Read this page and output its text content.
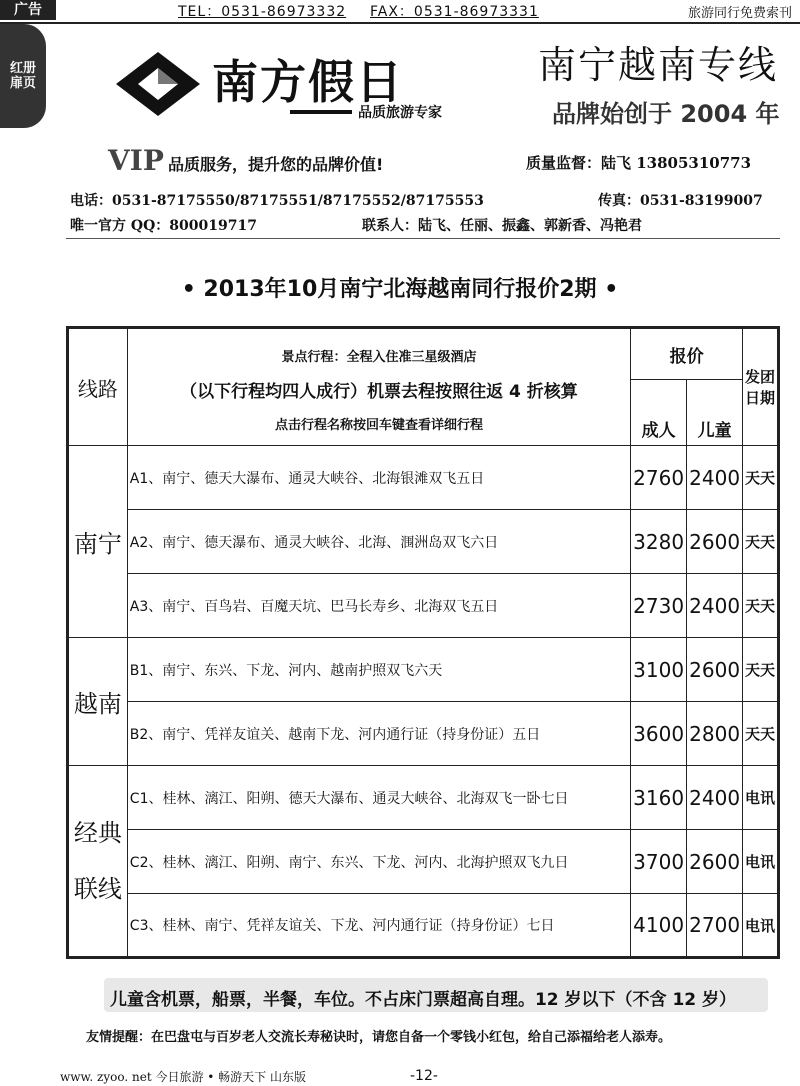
广告	TEL：0531-86973332 FAX：0531-86973331	旅游同行免费索刊
红册
扉页	南方假日
品质旅游专家
南宁越南专线
品牌始创于 2004 年
VIP 品质服务，提升您的品牌价值!	质量监督：陆飞 13805310773
电话：0531-87175550/87175551/87175552/87175553	传真：0531-83199007
唯一官方 QQ：800019717	联系人：陆飞、任丽、振鑫、郭新香、冯艳君
• 2013年10月南宁北海越南同行报价2期 •
线路	景点行程：全程入住准三星级酒店
（以下行程均四人成行）机票去程按照往返 4 折核算
点击行程名称按回车键查看详细行程	报价		发团日期
		成人	儿童	
南宁	A1、南宁、德天大瀑布、通灵大峡谷、北海银滩双飞五日	2760	2400	天天
	A2、南宁、德天瀑布、通灵大峡谷、北海、涠洲岛双飞六日	3280	2600	天天
	A3、南宁、百鸟岩、百魔天坑、巴马长寿乡、北海双飞五日	2730	2400	天天
越南	B1、南宁、东兴、下龙、河内、越南护照双飞六天	3100	2600	天天
	B2、南宁、凭祥友谊关、越南下龙、河内通行证（持身份证）五日	3600	2800	天天
经典联线	C1、桂林、漓江、阳朔、德天大瀑布、通灵大峡谷、北海双飞一卧七日	3160	2400	电讯
	C2、桂林、漓江、阳朔、南宁、东兴、下龙、河内、北海护照双飞九日	3700	2600	电讯
	C3、桂林、南宁、凭祥友谊关、下龙、河内通行证（持身份证）七日	4100	2700	电讯
儿童含机票，船票，半餐，车位。不占床门票超高自理。12 岁以下（不含 12 岁）
友情提醒：在巴盘屯与百岁老人交流长寿秘诀时，请您自备一个零钱小红包，给自己添福给老人添寿。
www. zyoo. net 今日旅游 • 畅游天下 山东版	-12-
